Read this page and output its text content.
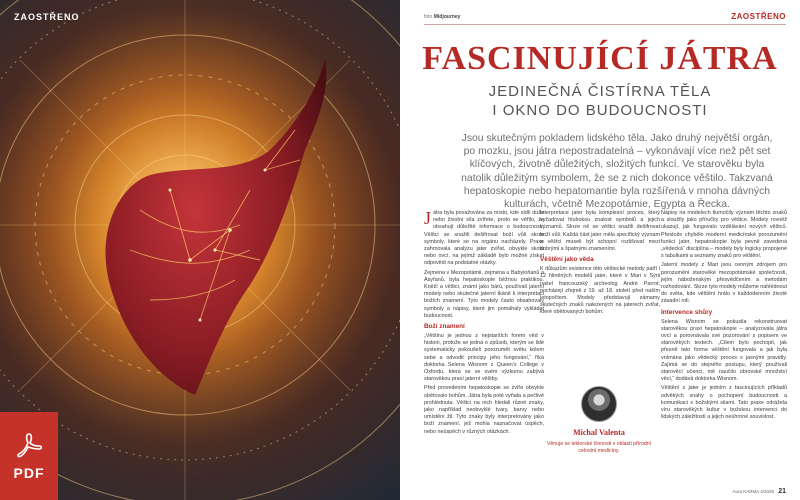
ZAOSTŘENO
PDF
foto Midjourney	ZAOSTŘENO
FASCINUJÍCÍ JÁTRA
JEDINEČNÁ ČISTÍRNA TĚLA
I OKNO DO BUDOUCNOSTI

Jsou skutečným pokladem lidského těla. Jako druhý největší orgán, po mozku, jsou játra nepostradatelná – vykonávají více než pět set klíčových, životně důležitých, složitých funkcí. Ve starověku byla natolik důležitým symbolem, že se z nich dokonce věštilo. Takzvaná hepatoskopie nebo hepatomantie byla rozšířená v mnoha dávných kulturách, včetně Mezopotámie, Egypta a Řecka.

Játra byla považována za místo, kde sídlí duše nebo životní síla zvířete, proto se věřilo, že obsahují důležité informace o budoucnosti. Věštci se snažili dešifrovat boží vůli skrze symboly, které se na orgánu nacházely. Praxe zahrnovala analýzu jater zvířat, obvykle skotu nebo ovcí, na jejímž základě bylo možné získat odpovědi na podstatné otázky.

Zejména v Mezopotámii, zejména u Babyloňanů a Asyřanů, byla hepatoskopie běžnou praktikou. Kněží a věštci, známí jako bárú, používali jaterní modely nebo skutečné jaterní tkáně k interpretaci božích znamení. Tyto modely často obsahovaly symboly a nápisy, které jim pomáhaly vykládat budoucnost.

Boží znamení

„Většinu je jednou z nejstarších forem věd v historii, protože se jedná o způsob, kterým se lidé systematicky pokoušeli porozumět světu kolem sebe a odvodit principy jeho fungování,“ říká doktorka Selena Wisnom z Queen's College v Oxfordu, která se ve svém výzkumu zabývá starověkou praxí jaterní věštby.

Před provedením hepatoskopie se zvíře obvykle obětovalo bohům. Játra byla poté vyňata a pečlivě prohlédnuta. Věštci na nich hledali různé znaky, jako například neobvyklé tvary, barvy nebo umístění žil. Tyto znaky byly interpretovány jako boží znamení, jež mohla naznačovat úspěch, nebo neúspěch v různých otázkách.

Interpretace jater byla komplexní proces, který vyžadoval hlubokou znalost symbolů a jejich významů. Skrze ně se věštci snažili dešifrovat boží vůli. Každá část jater měla specifický význam a věštci museli být schopní rozlišovat mezi dobrými a špatnými znameními.

Věštění jako věda

K důkazům existence této věštecké metody patří i 12 hliněných modelů jater, které v Mari v Sýrii našel francouzský archeolog André Parrot; pocházejí zřejmě z 19. až 18. století před naším letopočtem. Modely představují zámamy skutečných znaků nalezených na jaterech zvířat, které obětovaných bohům.

Michal Valenta
Věnuje se lektorské činnosti v oblasti přírodní celostní medicíny.

Nápisy na modelech tlumočily význam těchto znaků a sloužily jako příručky pro věštce. Modely rovněž ukazují, jak fungovalo vzdělávání nových věštců. Přestože chybělo moderní medicínské porozumění funkci jater, hepatoskopie byla pevně zavedená „vědecká“ disciplína – modely byly logicky propojené s tabulkami a seznamy znaků pro věštění.

Jaterní modely z Mari jsou cenným zdrojem pro porozumění starověké mezopotámské společnosti, jejím náboženským přesvědčením a metodám rozhodování. Skrze tyto modely můžeme nahlédnout do světa, kde věštění hrálo v každodenním životě zásadní roli.

Intervence shůry

Selena Wisnom se pokusila rekonstruovat starověkou praxi hepatoskopie – analyzovala játra ovcí a porovnávala své pozorování s popisem ve starověkých textech. „Cílem bylo pochopit, jak přesně tato forma věštění fungovala a jak byla vnímána jako vědecký proces s jasnými pravidly. Zajímá se do stejného postupu, který používali starověcí učenci, mě naučilo obrovské množství věcí,“ dodává doktorka Wisnom.

Věštění z jater je jedním z fascinujících příkladů odvěkých snahy o pochopení budoucnosti a komunikaci s božskými silami. Tato praxe odrážela víru starověkých kultur v božskou intervenci do lidských záležitostí a jejich neúhrnné souvislost.

Aura KARMA 4/2025 21
